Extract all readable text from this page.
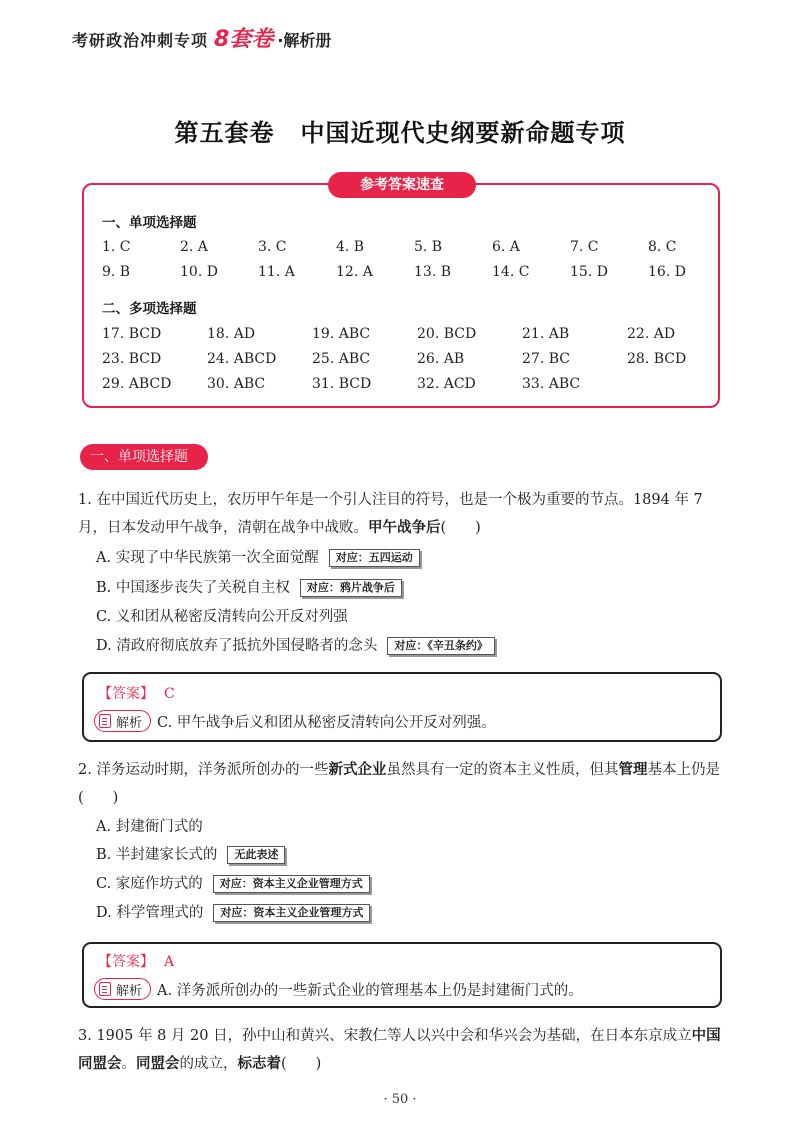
考研政治冲刺专项 8套卷 · 解析册
第五套卷 中国近现代史纲要新命题专项
参考答案速查
一、单项选择题
1. C	2. A	3. C	4. B	5. B	6. A	7. C	8. C
9. B	10. D	11. A	12. A	13. B	14. C	15. D	16. D
二、多项选择题
17. BCD	18. AD	19. ABC	20. BCD	21. AB	22. AD
23. BCD	24. ABCD	25. ABC	26. AB	27. BC	28. BCD
29. ABCD	30. ABC	31. BCD	32. ACD	33. ABC
一、单项选择题
1. 在中国近代历史上，农历甲午年是一个引人注目的符号，也是一个极为重要的节点。1894 年 7 月，日本发动甲午战争，清朝在战争中战败。甲午战争后(　　)
A. 实现了中华民族第一次全面觉醒	对应：五四运动
B. 中国逐步丧失了关税自主权	对应：鸦片战争后
C. 义和团从秘密反清转向公开反对列强
D. 清政府彻底放弃了抵抗外国侵略者的念头	对应：《辛丑条约》
【答案】 C
解析 C. 甲午战争后义和团从秘密反清转向公开反对列强。
2. 洋务运动时期，洋务派所创办的一些新式企业虽然具有一定的资本主义性质，但其管理基本上仍是(　　)
A. 封建衙门式的
B. 半封建家长式的	无此表述
C. 家庭作坊式的	对应：资本主义企业管理方式
D. 科学管理式的	对应：资本主义企业管理方式
【答案】 A
解析 A. 洋务派所创办的一些新式企业的管理基本上仍是封建衙门式的。
3. 1905 年 8 月 20 日，孙中山和黄兴、宋教仁等人以兴中会和华兴会为基础，在日本东京成立中国同盟会。同盟会的成立，标志着(　　)
· 50 ·
